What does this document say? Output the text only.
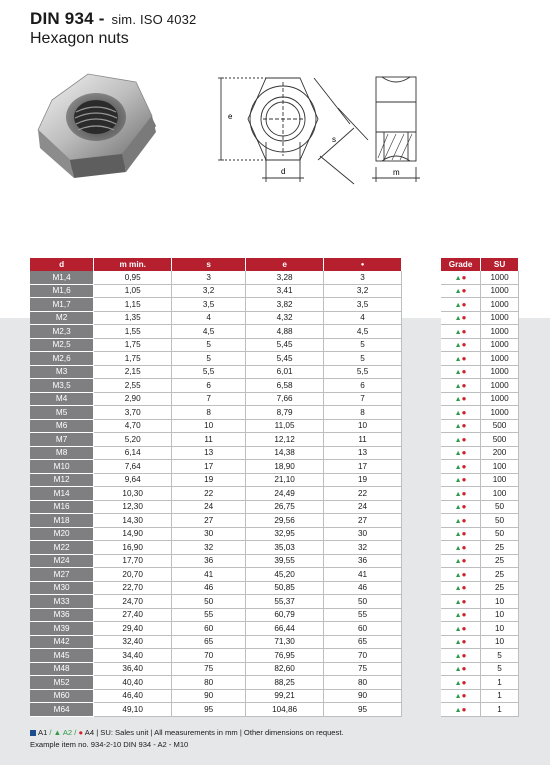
DIN 934 - sim. ISO 4032
Hexagon nuts
e
d
s
m
d	m min.	s	e	●
M1,4	0,95	3	3,28	3
M1,6	1,05	3,2	3,41	3,2
M1,7	1,15	3,5	3,82	3,5
M2	1,35	4	4,32	4
M2,3	1,55	4,5	4,88	4,5
M2,5	1,75	5	5,45	5
M2,6	1,75	5	5,45	5
M3	2,15	5,5	6,01	5,5
M3,5	2,55	6	6,58	6
M4	2,90	7	7,66	7
M5	3,70	8	8,79	8
M6	4,70	10	11,05	10
M7	5,20	11	12,12	11
M8	6,14	13	14,38	13
M10	7,64	17	18,90	17
M12	9,64	19	21,10	19
M14	10,30	22	24,49	22
M16	12,30	24	26,75	24
M18	14,30	27	29,56	27
M20	14,90	30	32,95	30
M22	16,90	32	35,03	32
M24	17,70	36	39,55	36
M27	20,70	41	45,20	41
M30	22,70	46	50,85	46
M33	24,70	50	55,37	50
M36	27,40	55	60,79	55
M39	29,40	60	66,44	60
M42	32,40	65	71,30	65
M45	34,40	70	76,95	70
M48	36,40	75	82,60	75
M52	40,40	80	88,25	80
M60	46,40	90	99,21	90
M64	49,10	95	104,86	95
Grade	SU
▲●	1000
▲●	1000
▲●	1000
▲●	1000
▲●	1000
▲●	1000
▲●	1000
▲●	1000
▲●	1000
▲●	1000
▲●	1000
▲●	500
▲●	500
▲●	200
▲●	100
▲●	100
▲●	100
▲●	50
▲●	50
▲●	50
▲●	25
▲●	25
▲●	25
▲●	25
▲●	10
▲●	10
▲●	10
▲●	10
▲●	5
▲●	5
▲●	1
▲●	1
▲●	1
A1 / ▲ A2 / ● A4 | SU: Sales unit | All measurements in mm | Other dimensions on request.
Example item no. 934-2-10 DIN 934 - A2 - M10
